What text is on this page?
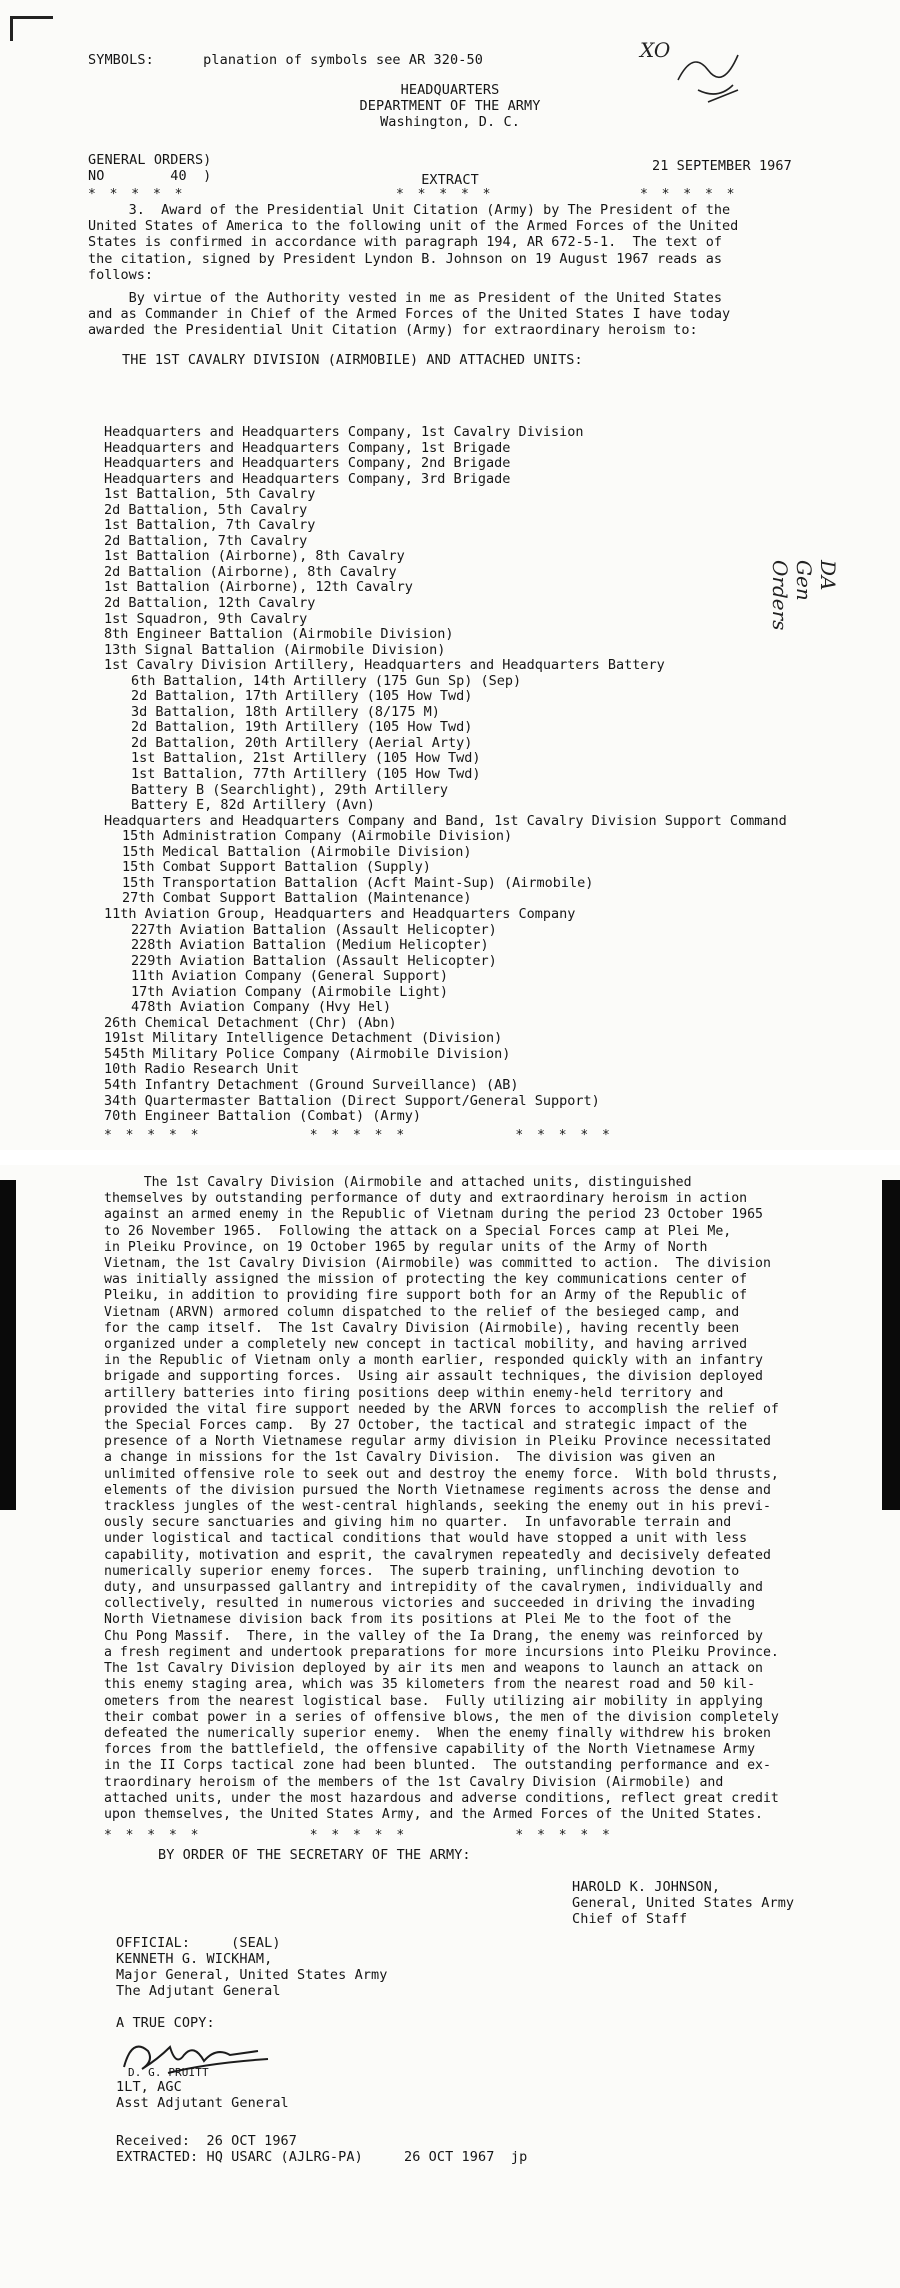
SYMBOLS:      planation of symbols see AR 320-50	XO
HEADQUARTERS
DEPARTMENT OF THE ARMY
Washington, D. C.
GENERAL ORDERS)
NO        40  )
21 SEPTEMBER 1967
EXTRACT
* * * * *	* * * * *	* * * * *
3.  Award of the Presidential Unit Citation (Army) by The President of the
United States of America to the following unit of the Armed Forces of the United
States is confirmed in accordance with paragraph 194, AR 672-5-1.  The text of
the citation, signed by President Lyndon B. Johnson on 19 August 1967 reads as
follows:
By virtue of the Authority vested in me as President of the United States
and as Commander in Chief of the Armed Forces of the United States I have today
awarded the Presidential Unit Citation (Army) for extraordinary heroism to:
THE 1ST CAVALRY DIVISION (AIRMOBILE) AND ATTACHED UNITS:
Headquarters and Headquarters Company, 1st Cavalry Division
Headquarters and Headquarters Company, 1st Brigade
Headquarters and Headquarters Company, 2nd Brigade
Headquarters and Headquarters Company, 3rd Brigade
1st Battalion, 5th Cavalry
2d Battalion, 5th Cavalry
1st Battalion, 7th Cavalry
2d Battalion, 7th Cavalry
1st Battalion (Airborne), 8th Cavalry
2d Battalion (Airborne), 8th Cavalry
1st Battalion (Airborne), 12th Cavalry
2d Battalion, 12th Cavalry
1st Squadron, 9th Cavalry
8th Engineer Battalion (Airmobile Division)
13th Signal Battalion (Airmobile Division)
1st Cavalry Division Artillery, Headquarters and Headquarters Battery
6th Battalion, 14th Artillery (175 Gun Sp) (Sep)
2d Battalion, 17th Artillery (105 How Twd)
3d Battalion, 18th Artillery (8/175 M)
2d Battalion, 19th Artillery (105 How Twd)
2d Battalion, 20th Artillery (Aerial Arty)
1st Battalion, 21st Artillery (105 How Twd)
1st Battalion, 77th Artillery (105 How Twd)
Battery B (Searchlight), 29th Artillery
Battery E, 82d Artillery (Avn)
Headquarters and Headquarters Company and Band, 1st Cavalry Division Support Command
15th Administration Company (Airmobile Division)
15th Medical Battalion (Airmobile Division)
15th Combat Support Battalion (Supply)
15th Transportation Battalion (Acft Maint-Sup) (Airmobile)
27th Combat Support Battalion (Maintenance)
11th Aviation Group, Headquarters and Headquarters Company
227th Aviation Battalion (Assault Helicopter)
228th Aviation Battalion (Medium Helicopter)
229th Aviation Battalion (Assault Helicopter)
11th Aviation Company (General Support)
17th Aviation Company (Airmobile Light)
478th Aviation Company (Hvy Hel)
26th Chemical Detachment (Chr) (Abn)
191st Military Intelligence Detachment (Division)
545th Military Police Company (Airmobile Division)
10th Radio Research Unit
54th Infantry Detachment (Ground Surveillance) (AB)
34th Quartermaster Battalion (Direct Support/General Support)
70th Engineer Battalion (Combat) (Army)
DA Gen Orders
* * * * *          * * * * *          * * * * *
The 1st Cavalry Division (Airmobile and attached units, distinguished
themselves by outstanding performance of duty and extraordinary heroism in action
against an armed enemy in the Republic of Vietnam during the period 23 October 1965
to 26 November 1965.  Following the attack on a Special Forces camp at Plei Me,
in Pleiku Province, on 19 October 1965 by regular units of the Army of North
Vietnam, the 1st Cavalry Division (Airmobile) was committed to action.  The division
was initially assigned the mission of protecting the key communications center of
Pleiku, in addition to providing fire support both for an Army of the Republic of
Vietnam (ARVN) armored column dispatched to the relief of the besieged camp, and
for the camp itself.  The 1st Cavalry Division (Airmobile), having recently been
organized under a completely new concept in tactical mobility, and having arrived
in the Republic of Vietnam only a month earlier, responded quickly with an infantry
brigade and supporting forces.  Using air assault techniques, the division deployed
artillery batteries into firing positions deep within enemy-held territory and
provided the vital fire support needed by the ARVN forces to accomplish the relief of
the Special Forces camp.  By 27 October, the tactical and strategic impact of the
presence of a North Vietnamese regular army division in Pleiku Province necessitated
a change in missions for the 1st Cavalry Division.  The division was given an
unlimited offensive role to seek out and destroy the enemy force.  With bold thrusts,
elements of the division pursued the North Vietnamese regiments across the dense and
trackless jungles of the west-central highlands, seeking the enemy out in his previ-
ously secure sanctuaries and giving him no quarter.  In unfavorable terrain and
under logistical and tactical conditions that would have stopped a unit with less
capability, motivation and esprit, the cavalrymen repeatedly and decisively defeated
numerically superior enemy forces.  The superb training, unflinching devotion to
duty, and unsurpassed gallantry and intrepidity of the cavalrymen, individually and
collectively, resulted in numerous victories and succeeded in driving the invading
North Vietnamese division back from its positions at Plei Me to the foot of the
Chu Pong Massif.  There, in the valley of the Ia Drang, the enemy was reinforced by
a fresh regiment and undertook preparations for more incursions into Pleiku Province.
The 1st Cavalry Division deployed by air its men and weapons to launch an attack on
this enemy staging area, which was 35 kilometers from the nearest road and 50 kil-
ometers from the nearest logistical base.  Fully utilizing air mobility in applying
their combat power in a series of offensive blows, the men of the division completely
defeated the numerically superior enemy.  When the enemy finally withdrew his broken
forces from the battlefield, the offensive capability of the North Vietnamese Army
in the II Corps tactical zone had been blunted.  The outstanding performance and ex-
traordinary heroism of the members of the 1st Cavalry Division (Airmobile) and
attached units, under the most hazardous and adverse conditions, reflect great credit
upon themselves, the United States Army, and the Armed Forces of the United States.
* * * * *          * * * * *          * * * * *
BY ORDER OF THE SECRETARY OF THE ARMY:
HAROLD K. JOHNSON,
General, United States Army
Chief of Staff
OFFICIAL:     (SEAL)
KENNETH G. WICKHAM,
Major General, United States Army
The Adjutant General
A TRUE COPY:
D. G. PRUITT
1LT, AGC
Asst Adjutant General
Received:  26 OCT 1967
EXTRACTED: HQ USARC (AJLRG-PA)     26 OCT 1967  jp
